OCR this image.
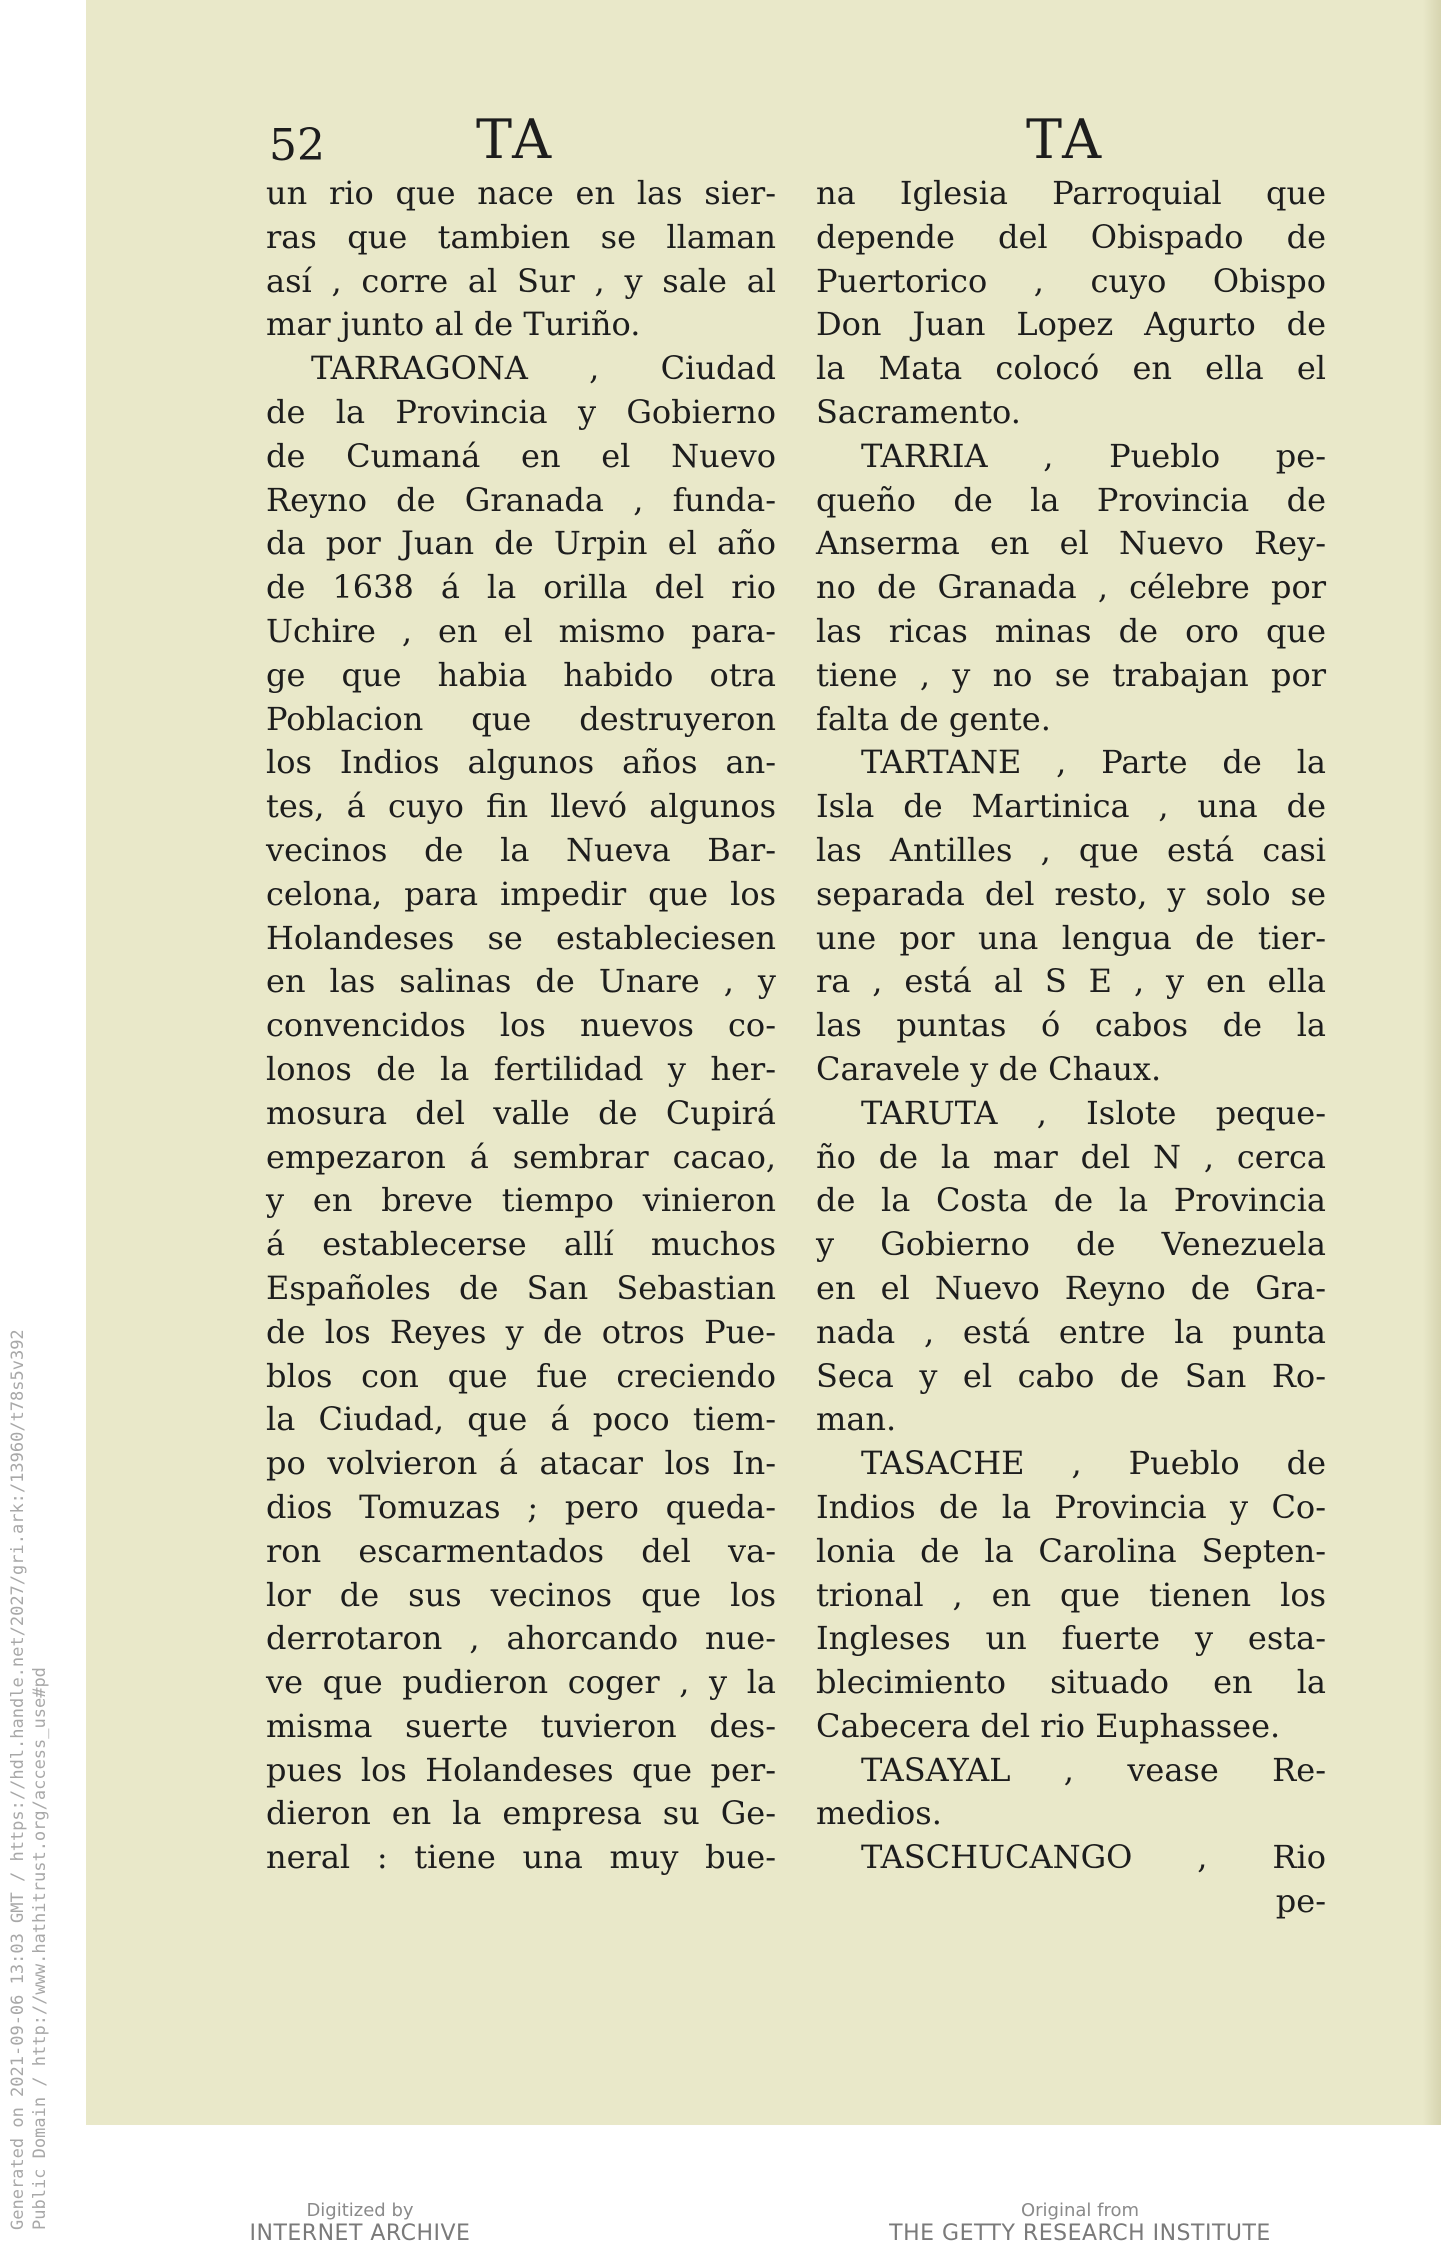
Generated on 2021-09-06 13:03 GMT / https://hdl.handle.net/2027/gri.ark:/13960/t78s5v392 Public Domain / http://www.hathitrust.org/access_use#pd
52	TA	TA
un rio que nace en las sier-
ras que tambien se llaman
así , corre al Sur , y sale al
mar junto al de Turiño.
TARRAGONA , Ciudad
de la Provincia y Gobierno
de Cumaná en el Nuevo
Reyno de Granada , funda-
da por Juan de Urpin el año
de 1638 á la orilla del rio
Uchire , en el mismo para-
ge que habia habido otra
Poblacion que destruyeron
los Indios algunos años an-
tes, á cuyo fin llevó algunos
vecinos de la Nueva Bar-
celona, para impedir que los
Holandeses se estableciesen
en las salinas de Unare , y
convencidos los nuevos co-
lonos de la fertilidad y her-
mosura del valle de Cupirá
empezaron á sembrar cacao,
y en breve tiempo vinieron
á establecerse allí muchos
Españoles de San Sebastian
de los Reyes y de otros Pue-
blos con que fue creciendo
la Ciudad, que á poco tiem-
po volvieron á atacar los In-
dios Tomuzas ; pero queda-
ron escarmentados del va-
lor de sus vecinos que los
derrotaron , ahorcando nue-
ve que pudieron coger , y la
misma suerte tuvieron des-
pues los Holandeses que per-
dieron en la empresa su Ge-
neral : tiene una muy bue-
na Iglesia Parroquial que
depende del Obispado de
Puertorico , cuyo Obispo
Don Juan Lopez Agurto de
la Mata colocó en ella el
Sacramento.
TARRIA , Pueblo pe-
queño de la Provincia de
Anserma en el Nuevo Rey-
no de Granada , célebre por
las ricas minas de oro que
tiene , y no se trabajan por
falta de gente.
TARTANE , Parte de la
Isla de Martinica , una de
las Antilles , que está casi
separada del resto, y solo se
une por una lengua de tier-
ra , está al S E , y en ella
las puntas ó cabos de la
Caravele y de Chaux.
TARUTA , Islote peque-
ño de la mar del N , cerca
de la Costa de la Provincia
y Gobierno de Venezuela
en el Nuevo Reyno de Gra-
nada , está entre la punta
Seca y el cabo de San Ro-
man.
TASACHE , Pueblo de
Indios de la Provincia y Co-
lonia de la Carolina Septen-
trional , en que tienen los
Ingleses un fuerte y esta-
blecimiento situado en la
Cabecera del rio Euphassee.
TASAYAL , vease Re-
medios.
TASCHUCANGO , Rio
pe-
Digitized by
INTERNET ARCHIVE
Original from
THE GETTY RESEARCH INSTITUTE
